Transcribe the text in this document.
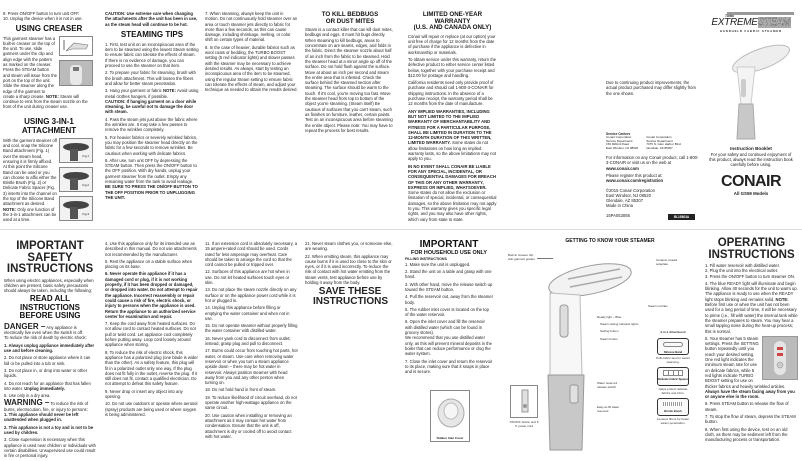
9. Press ON/OFF button to turn unit OFF.

10. Unplug the device when it is not in use.

USING CREASER

This garment steamer has a built-in creaser on the top of the unit. To use, slide garment under the clip and align edge with the pattern as marked on the creaser. Press the STEAM button and steam will issue from the port on the top of the unit. Slide the steamer along the edge of the garment to create a sharp crease. NOTE: Steam will continue to emit from the steam nozzle on the front of the unit during creaser use.

USING 3-IN-1 ATTACHMENT
Fig.1
Fig.2
Fig.3

With the garment steamer off and cool, snap the Silicone Band attachment (Fig. 1) over the steam head, ensuring it is firmly affixed. At this point the Silicone Band can be used or you can choose to affix either the Bristle Brush (Fig. 2) or Delicate Fabric Spacer (Fig. 3) inserts into the channel on the top of the Silicone Band attachment as desired. NOTE: Only one function of the 3-in-1 attachment can be used at a time.

CAUTION: Use extreme care when changing the attachments after the unit has been in use, as the steam head will continue to be hot.

STEAMING TIPS

1. First, test unit on an inconspicuous area of the item to be steamed using the lowest Steam setting to ensure fabric can tolerate the effects of steam. If there is no evidence of damage, you can proceed to use the steamer on that item.

2. To prepare your fabric for steaming, brush with the brush attachment. This will loosen the fibers and allow for better steam penetration.

3. Hang your garment or fabric NOTE: Avoid using metal clothes hangers, if possible.
CAUTION: If hanging garment on a door while steaming, be careful not to damage the door with steam.

4. Pass the steam jets just above the fabric where the wrinkles are. It may take a few passes to remove the wrinkles completely.

5. For heavier fabrics or severely wrinkled fabrics, you may position the steamer head directly on the fabric for a few seconds to remove wrinkles. Be cautious when working with delicate fabrics.

6. After use, turn unit OFF by depressing the STEAM button. Then press the ON/OFF button to the OFF position. With dry hands, unplug your garment steamer from the outlet. Empty any remaining water from the tank to avoid leakage. BE SURE TO PRESS THE ON/OFF BUTTON TO THE OFF POSITION PRIOR TO UNPLUGGING THE UNIT.

7. When steaming, always keep the unit in motion. Do not continuously hold steamer over an area or touch steamer jets directly to fabric for more than a few seconds, as this can cause damage, including shrinkage, melting, or color shift on certain types of material.

8. In the case of heavier, durable fabrics such as wool coats or bedding, the TURBO BOOST setting (5 red indicator lights) and slower passes with the steamer may be necessary to achieve desired results. As always, start by testing an inconspicuous area of the item to be steamed, using the regular Steam setting to ensure fabric can tolerate the effects of steam, and adjust your technique as needed to obtain the results desired.

TO KILL BEDBUGS
OR DUST MITES

Steam is a contact killer that can kill dust mites, bedbugs and eggs. It must hit bugs directly. When steaming to kill bedbugs, areas to concentrate on are seams, edges, and folds in the fabric. Direct the steamer nozzle about half of an inch from the fabric to be steamed. Hold the steamer head at a minor angle up off of the surface. Do not hold flush against the surface. Move at about an inch per second and steam the entire area that is infested. Check the surface behind the steamed section after steaming. The surface should be warm to the touch. If it's cool, you're moving too fast. Move the steamer head from top to bottom of the object you're steaming. (Steam itself) Be cautious of surfaces that you can't steam, such as finishes on furniture, leather, certain paints. Test on an inconspicuous area before steaming the entire object. Please note: You may have to repeat the process for best results.

LIMITED ONE-YEAR WARRANTY
(U.S. AND CANADA ONLY)

Conair will repair or replace (at our option) your unit free of charge for 12 months from the date of purchase if the appliance is defective in workmanship or materials.

To obtain service under this warranty, return the defective product to either service center listed below, together with your purchase receipt and $12.00 for postage and handling.

California residents need only provide proof of purchase and should call 1-800-3-CONAIR for shipping instructions. In the absence of a purchase receipt, the warranty period shall be 12 months from the date of manufacture.

ANY IMPLIED WARRANTIES, INCLUDING BUT NOT LIMITED TO THE IMPLIED WARRANTY OF MERCHANTABILITY AND FITNESS FOR A PARTICULAR PURPOSE, SHALL BE LIMITED IN DURATION TO THE 12-MONTH DURATION OF THIS WRITTEN, LIMITED WARRANTY. Some states do not allow limitations on how long an implied warranty lasts, so the above limitations may not apply to you.

IN NO EVENT SHALL CONAIR BE LIABLE FOR ANY SPECIAL, INCIDENTAL, OR CONSEQUENTIAL DAMAGES FOR BREACH OF THIS OR ANY OTHER WARRANTY, EXPRESS OR IMPLIED, WHATSOEVER. Some states do not allow the exclusion or limitation of special, incidental, or consequential damages, so the above limitation may not apply to you. This warranty gives you specific legal rights, and you may also have other rights, which vary from state to state.

Due to continuing product improvements, the actual product purchased may differ slightly from the one shown.

Service Centers
Conair Corporation
Service Department
150 Milford Road
East Windsor, NJ 08520
Conair Corporation
Service Department
7475 N. Glen Harbor Blvd.
Glendale, AZ 85307

For information on any Conair product, call 1-800-3-CONAIR or visit us on the web at

www.conair.com

Please register this product at:

www.conair.com/registration

©2015 Conair Corporation
East Windsor, NJ 08520
Glendale, AZ 85307
Made in China
15PA053085	IB-15803A
Turbo
EXTREMESTEAM
HANDHELD FABRIC STEAMER
Instruction Booklet

For your safety and continued enjoyment of this product, always read the instruction book carefully before using.

CONAIR
All GS59 Models
IMPORTANT SAFETY INSTRUCTIONS

When using electric appliances, especially when children are present, basic safety precautions should always be taken, including the following:

READ ALL INSTRUCTIONS BEFORE USING

DANGER – Any appliance is electrically live even when the switch is off.

To reduce the risk of death by electric shock:

1. Always unplug appliance immediately after use and before cleaning.

2. Do not place or store appliance where it can fall or be pulled into a tub or sink.

3. Do not place in, or drop into water or other liquids.

4. Do not reach for an appliance that has fallen into water. Unplug immediately.

5. Use only in a dry area.

WARNING – To reduce the risk of burns, electrocution, fire, or injury to persons:

1. This appliance should never be left unattended when plugged in.

2. This appliance is not a toy and is not to be used by children.

3. Close supervision is necessary when this appliance is used near children or individuals with certain disabilities. Unsupervised use could result in fire or personal injury.

4. Use this appliance only for its intended use as described in this manual. Do not use attachments not recommended by the manufacturer.

5. Rest the appliance on a stable surface when placing on its base.

6. Never operate this appliance if it has a damaged cord or plug, if it is not working properly, if it has been dropped or damaged, or dropped into water. Do not attempt to repair the appliance. Incorrect reassembly or repair could cause a risk of fire, electric shock, or injury to persons when the appliance is used. Return the appliance to an authorized service center for examination and repair.

7. Keep the cord away from heated surfaces. Do not allow cord to contact heated surfaces. Do not pull or twist cord. Let appliance cool completely before putting away. Loop cord loosely around appliance when storing.

8. To reduce the risk of electric shock, this appliance has a polarized plug (one blade is wider than the other). As a safety feature, this plug will fit in a polarized outlet only one way. If the plug does not fit fully in the outlet, reverse the plug. If it still does not fit, contact a qualified electrician. Do not attempt to defeat this safety feature.

9. Never drop or insert any object into any opening.

10. Do not use outdoors or operate where aerosol (spray) products are being used or where oxygen is being administered.

11. If an extension cord is absolutely necessary, a 15 ampere-rated cord should be used. Cords rated for less amperage may overheat. Care should be taken to arrange the cord so that the cord cannot be pulled or tripped over.

12. Surfaces of this appliance are hot when in use. Do not let heated surfaces touch eyes or skin.

13. Do not place the steam nozzle directly on any surface or on the appliance power cord while it is hot or plugged in.

14. Unplug this appliance before filling or emptying the water container and when not in use.

15. Do not operate steamer without properly filling the water container with distilled water.

16. Never yank cord to disconnect from outlet; instead, grasp plug and pull to disconnect.

17. Burns could occur from touching hot parts, hot water, or steam. Use care when removing water reservoir or when you turn a steam appliance upside down – there may be hot water in reservoir. Always position steamer with head away from you and any other person when turning on.

18. Do not hold hand in front of steam.

19. To reduce likelihood of circuit overload, do not operate another high-wattage appliance on the same circuit.

20. Use caution when installing or removing an attachment as it may contain hot water from condensation. Ensure that the unit is off, attachment is dry or cooled off to avoid contact with hot water.

21. Never steam clothes you, or someone else, are wearing.

22. When emitting steam, this appliance may cause burns if it is used too close to the skin or eyes, or if it is used incorrectly. To reduce the risk of contact with hot water emitting from the steam vents, test appliance before use by holding it away from the body.

SAVE THESE INSTRUCTIONS
IMPORTANT
FOR HOUSEHOLD USE ONLY
FILLING INSTRUCTIONS

1. Make sure the unit is unplugged.

2. Stand the unit on a table and grasp with one hand.

3. With other hand, move the release switch up toward the STEAM button.

4. Pull the reservoir out, away from the steamer body.

5. The rubber inlet cover is located on the top of the water reservoir.

6. Open the inlet cover and fill the reservoir with distilled water (which can be found in grocery stores).

We recommend that you use distilled water only, as this will prevent mineral deposits in the boiler that can reduce performance or clog the water system.

7. Close the inlet cover and return the reservoir to its place, making sure that it snaps in place and is secure.

Rubber Inlet Cover
GETTING TO KNOW YOUR STEAMER
Built-in creaser clip with garment guides	Ceramic-coated soleplate
Steam nozzles
Ready light – Blue
Steam setting indicator lights
Setting button
Steam button
Water reservoir release switch
Easy-to-fill water reservoir
ON/OFF button and 9 ft. power cord
3-in-1 Attachment
Silicone Band
Pulls fabric taut for easier steaming.
Delicate Fabric Spacer
Helps protect delicate fabrics and trims.
Bristle Brush
Loosens fibers for better steam penetration.
OPERATING
INSTRUCTIONS

1. Fill water reservoir with distilled water.

2. Plug the unit into the electrical outlet.

3. Press the ON/OFF button to turn steamer ON.

4. The blue READY light will illuminate and begin blinking. Allow 40 seconds for the unit to warm up. The appliance is ready to use when the READY light stops blinking and remains solid. NOTE: Before first use or when the unit has not been used for a long period of time, it will be necessary to prime (i.e., fill with water) the internal tank while the steamer prepares to steam. You may hear a small tapping noise during the heat-up process; this is normal.

5. Your steamer has 5 steam settings. Press the SETTING button repeatedly until you reach your desired setting. One red light indicates the minimum steam rate for use on delicate fabrics, while 5 red lights indicate TURBO BOOST setting for use on thicker fabrics and heavily wrinkled articles. Always have the steam facing away from you or anyone else in the room.

6. Press STEAM button to release the flow of steam.

7. To stop the flow of steam, depress the STEAM button.

8. When first using the device, test on an old cloth, as there may be sediment left from the manufacturing process or transportation.
